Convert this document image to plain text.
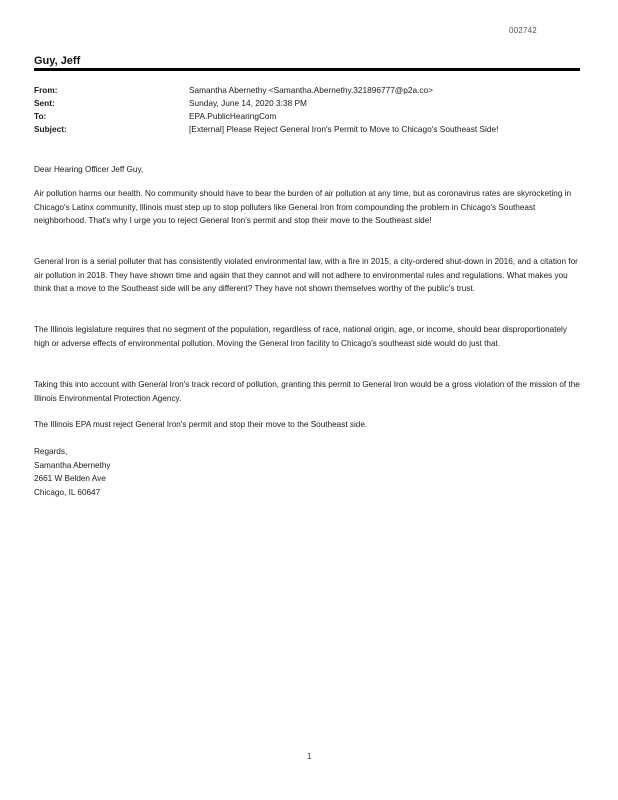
002742
Guy, Jeff
From:	Samantha Abernethy <Samantha.Abernethy.321896777@p2a.co>
Sent:	Sunday, June 14, 2020 3:38 PM
To:	EPA.PublicHearingCom
Subject:	[External] Please Reject General Iron's Permit to Move to Chicago's Southeast Side!

Dear Hearing Officer Jeff Guy,

Air pollution harms our health. No community should have to bear the burden of air pollution at any time, but as coronavirus rates are skyrocketing in Chicago's Latinx community, Illinois must step up to stop polluters like General Iron from compounding the problem in Chicago's Southeast neighborhood. That's why I urge you to reject General Iron's permit and stop their move to the Southeast side!

General Iron is a serial polluter that has consistently violated environmental law, with a fire in 2015, a city-ordered shut-down in 2016, and a citation for air pollution in 2018. They have shown time and again that they cannot and will not adhere to environmental rules and regulations. What makes you think that a move to the Southeast side will be any different? They have not shown themselves worthy of the public's trust.

The Illinois legislature requires that no segment of the population, regardless of race, national origin, age, or income, should bear disproportionately high or adverse effects of environmental pollution. Moving the General Iron facility to Chicago's southeast side would do just that.

Taking this into account with General Iron's track record of pollution, granting this permit to General Iron would be a gross violation of the mission of the Illinois Environmental Protection Agency.

The Illinois EPA must reject General Iron's permit and stop their move to the Southeast side.

Regards,
Samantha Abernethy
2661 W Belden Ave
Chicago, IL 60647
1
